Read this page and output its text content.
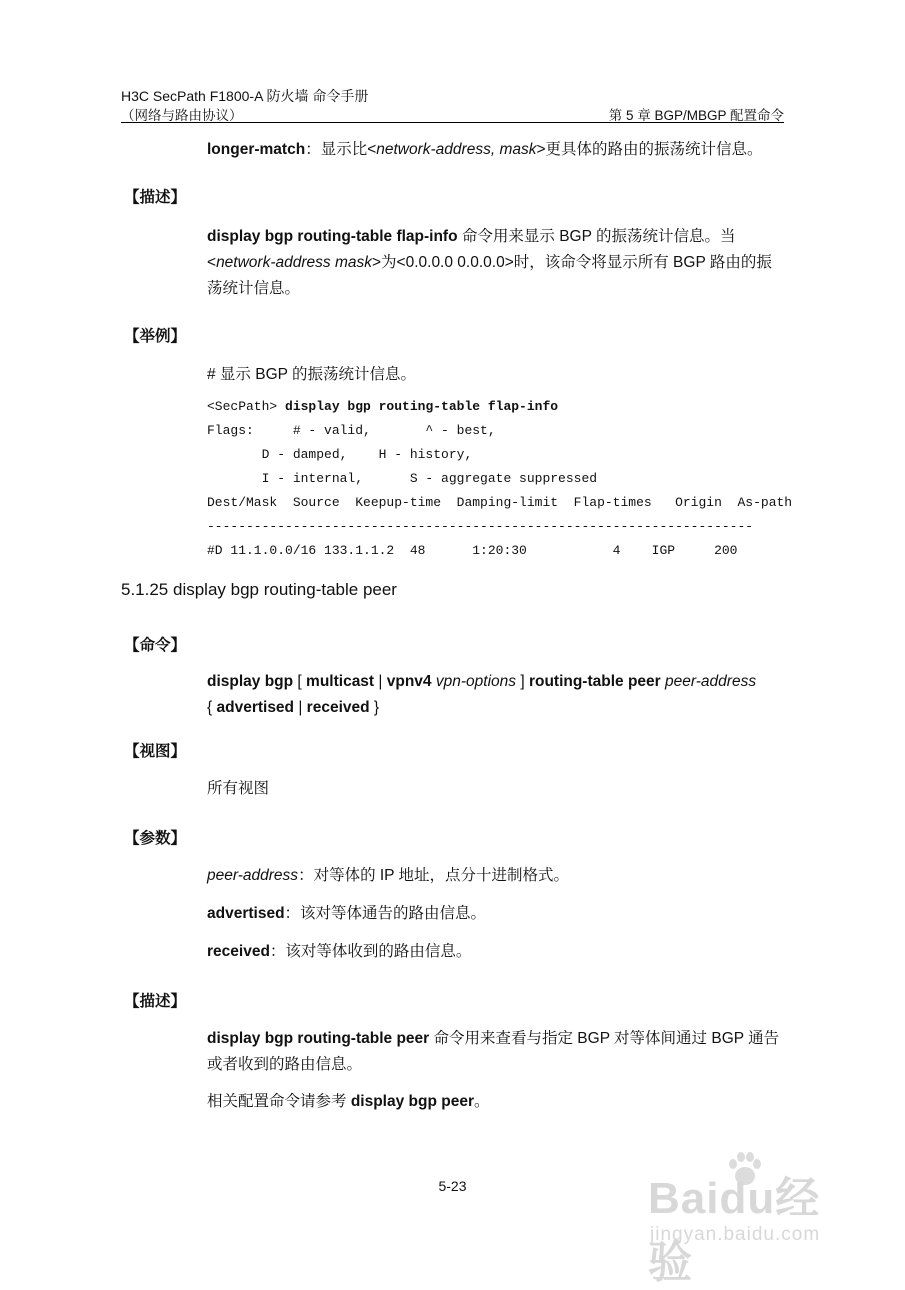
H3C SecPath F1800-A 防火墙 命令手册
（网络与路由协议）	第 5 章 BGP/MBGP 配置命令
longer-match：显示比<network-address, mask>更具体的路由的振荡统计信息。
【描述】
display bgp routing-table flap-info 命令用来显示 BGP 的振荡统计信息。当
<network-address mask>为<0.0.0.0 0.0.0.0>时，该命令将显示所有 BGP 路由的振荡统计信息。
【举例】
# 显示 BGP 的振荡统计信息。
<SecPath> display bgp routing-table flap-info
Flags:     # - valid,       ^ - best,
D - damped,    H - history,
I - internal,      S - aggregate suppressed
Dest/Mask  Source  Keepup-time  Damping-limit  Flap-times   Origin  As-path
----------------------------------------------------------------------
#D 11.1.0.0/16 133.1.1.2  48      1:20:30           4    IGP     200
5.1.25 display bgp routing-table peer
【命令】
display bgp [ multicast | vpnv4 vpn-options ] routing-table peer peer-address
{ advertised | received }
【视图】
所有视图
【参数】
peer-address：对等体的 IP 地址，点分十进制格式。
advertised：该对等体通告的路由信息。
received：该对等体收到的路由信息。
【描述】
display bgp routing-table peer 命令用来查看与指定 BGP 对等体间通过 BGP 通告或者收到的路由信息。
相关配置命令请参考 display bgp peer。
5-23	Baidu经验
jingyan.baidu.com
